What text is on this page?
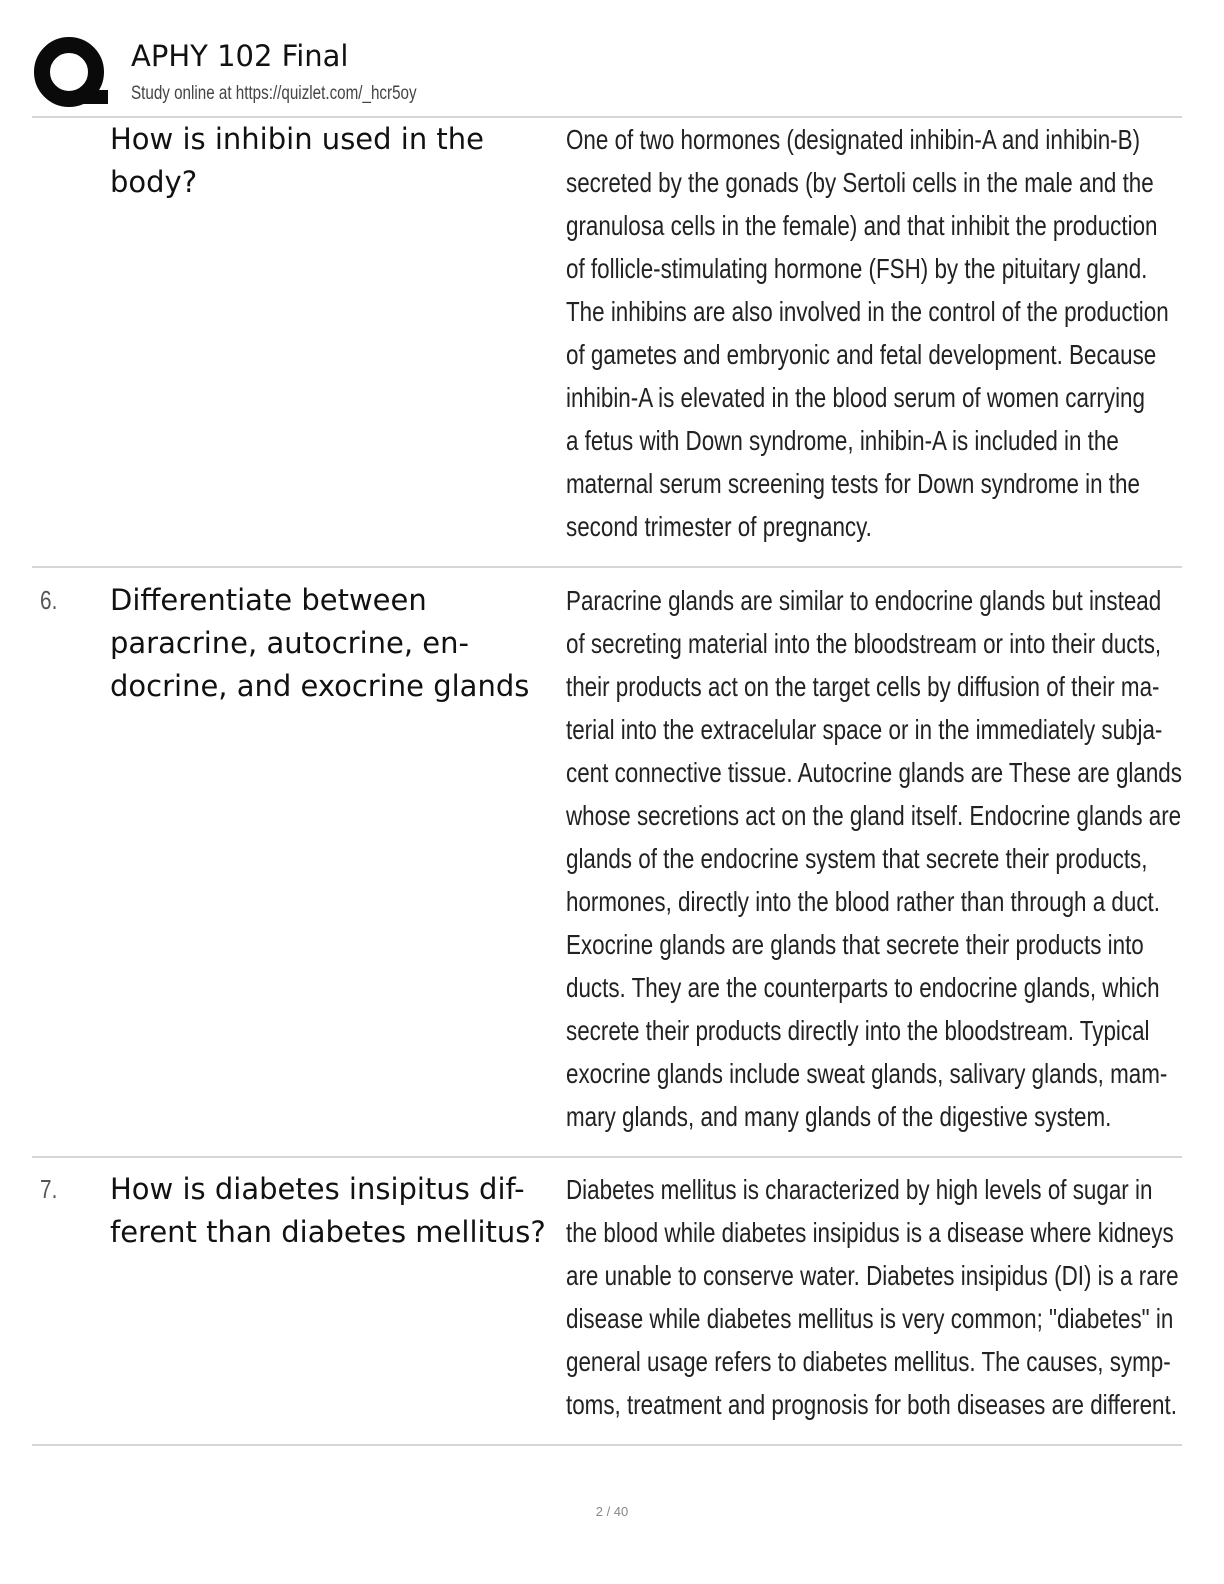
APHY 102 Final
Study online at https://quizlet.com/_hcr5oy
How is inhibin used in the
body?
One of two hormones (designated inhibin-A and inhibin-B)
secreted by the gonads (by Sertoli cells in the male and the
granulosa cells in the female) and that inhibit the production
of follicle-stimulating hormone (FSH) by the pituitary gland.
The inhibins are also involved in the control of the production
of gametes and embryonic and fetal development. Because
inhibin-A is elevated in the blood serum of women carrying
a fetus with Down syndrome, inhibin-A is included in the
maternal serum screening tests for Down syndrome in the
second trimester of pregnancy.
6. Differentiate between
paracrine, autocrine, en-
docrine, and exocrine glands
Paracrine glands are similar to endocrine glands but instead
of secreting material into the bloodstream or into their ducts,
their products act on the target cells by diffusion of their ma-
terial into the extracelular space or in the immediately subja-
cent connective tissue. Autocrine glands are These are glands
whose secretions act on the gland itself. Endocrine glands are
glands of the endocrine system that secrete their products,
hormones, directly into the blood rather than through a duct.
Exocrine glands are glands that secrete their products into
ducts. They are the counterparts to endocrine glands, which
secrete their products directly into the bloodstream. Typical
exocrine glands include sweat glands, salivary glands, mam-
mary glands, and many glands of the digestive system.
7. How is diabetes insipitus dif-
ferent than diabetes mellitus?
Diabetes mellitus is characterized by high levels of sugar in
the blood while diabetes insipidus is a disease where kidneys
are unable to conserve water. Diabetes insipidus (DI) is a rare
disease while diabetes mellitus is very common; "diabetes" in
general usage refers to diabetes mellitus. The causes, symp-
toms, treatment and prognosis for both diseases are different.
2 / 40
